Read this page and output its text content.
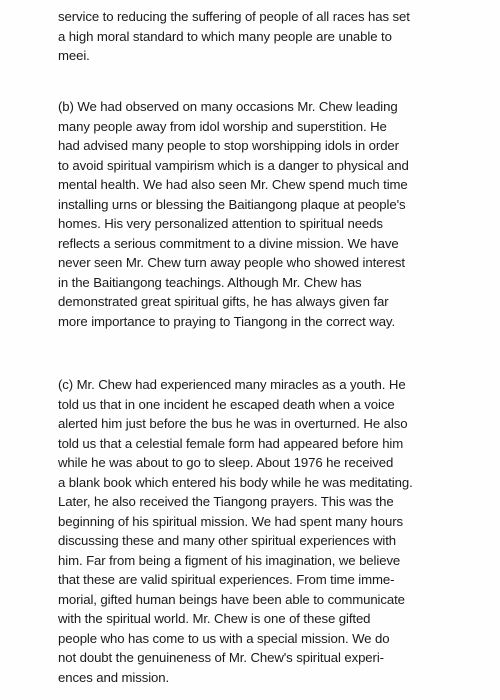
service to reducing the suffering of people of all races has set
a high moral standard to which many people are unable to
meei.
(b) We had observed on many occasions Mr. Chew leading
many people away from idol worship and superstition. He
had advised many people to stop worshipping idols in order
to avoid spiritual vampirism which is a danger to physical and
mental health. We had also seen Mr. Chew spend much time
installing urns or blessing the Baitiangong plaque at people's
homes. His very personalized attention to spiritual needs
reflects a serious commitment to a divine mission. We have
never seen Mr. Chew turn away people who showed interest
in the Baitiangong teachings. Although Mr. Chew has
demonstrated great spiritual gifts, he has always given far
more importance to praying to Tiangong in the correct way.
(c) Mr. Chew had experienced many miracles as a youth. He
told us that in one incident he escaped death when a voice
alerted him just before the bus he was in overturned. He also
told us that a celestial female form had appeared before him
while he was about to go to sleep. About 1976 he received
a blank book which entered his body while he was meditating.
Later, he also received the Tiangong prayers. This was the
beginning of his spiritual mission. We had spent many hours
discussing these and many other spiritual experiences with
him. Far from being a figment of his imagination, we believe
that these are valid spiritual experiences. From time imme-
morial, gifted human beings have been able to communicate
with the spiritual world. Mr. Chew is one of these gifted
people who has come to us with a special mission. We do
not doubt the genuineness of Mr. Chew's spiritual experi-
ences and mission.
